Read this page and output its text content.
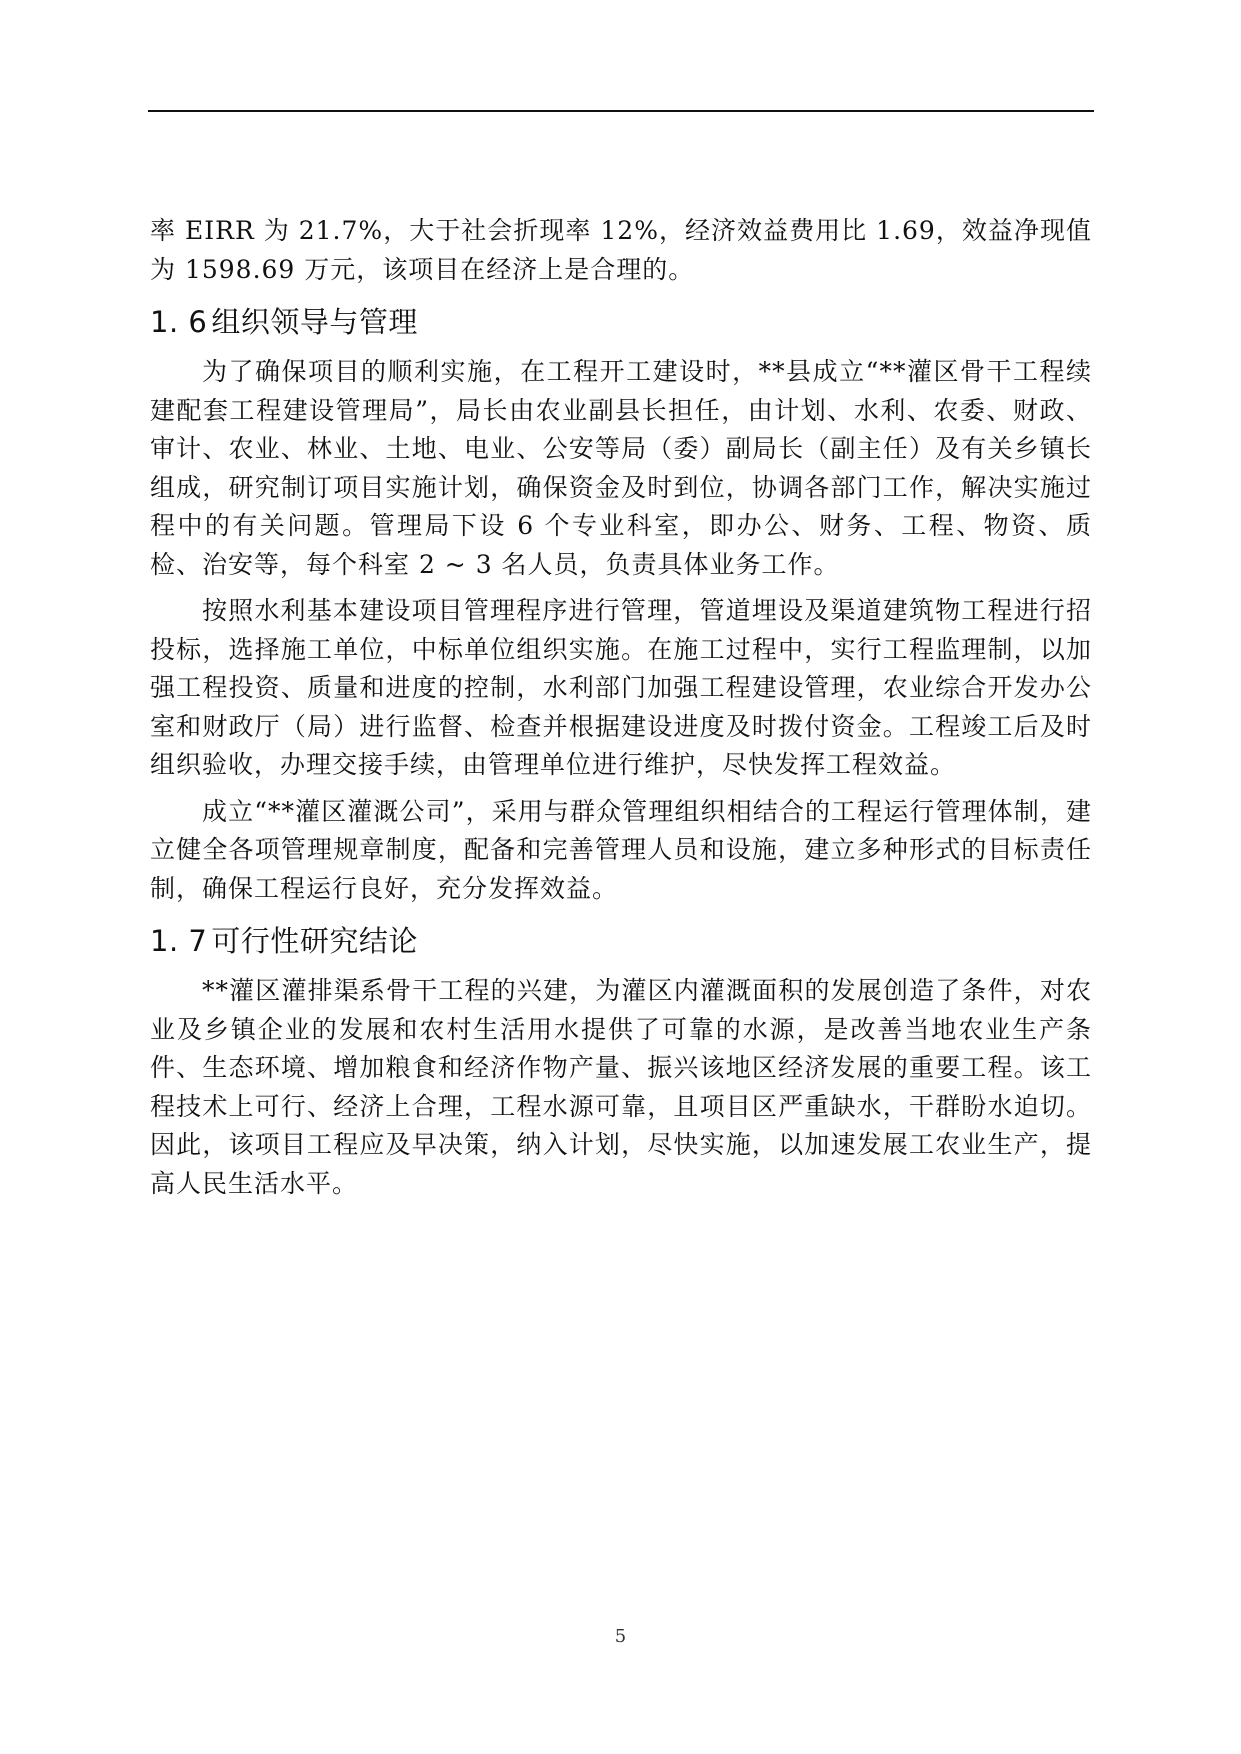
率 EIRR 为 21.7%，大于社会折现率 12%，经济效益费用比 1.69，效益净现值为 1598.69 万元，该项目在经济上是合理的。

1. 6 组织领导与管理

为了确保项目的顺利实施，在工程开工建设时，**县成立“**灌区骨干工程续建配套工程建设管理局”，局长由农业副县长担任，由计划、水利、农委、财政、审计、农业、林业、土地、电业、公安等局（委）副局长（副主任）及有关乡镇长组成，研究制订项目实施计划，确保资金及时到位，协调各部门工作，解决实施过程中的有关问题。管理局下设 6 个专业科室，即办公、财务、工程、物资、质检、治安等，每个科室 2 ~ 3 名人员，负责具体业务工作。

按照水利基本建设项目管理程序进行管理，管道埋设及渠道建筑物工程进行招投标，选择施工单位，中标单位组织实施。在施工过程中，实行工程监理制，以加强工程投资、质量和进度的控制，水利部门加强工程建设管理，农业综合开发办公室和财政厅（局）进行监督、检查并根据建设进度及时拨付资金。工程竣工后及时组织验收，办理交接手续，由管理单位进行维护，尽快发挥工程效益。

成立“**灌区灌溉公司”，采用与群众管理组织相结合的工程运行管理体制，建立健全各项管理规章制度，配备和完善管理人员和设施，建立多种形式的目标责任制，确保工程运行良好，充分发挥效益。

1. 7 可行性研究结论

**灌区灌排渠系骨干工程的兴建，为灌区内灌溉面积的发展创造了条件，对农业及乡镇企业的发展和农村生活用水提供了可靠的水源，是改善当地农业生产条件、生态环境、增加粮食和经济作物产量、振兴该地区经济发展的重要工程。该工程技术上可行、经济上合理，工程水源可靠，且项目区严重缺水，干群盼水迫切。因此，该项目工程应及早决策，纳入计划，尽快实施，以加速发展工农业生产，提高人民生活水平。

5
